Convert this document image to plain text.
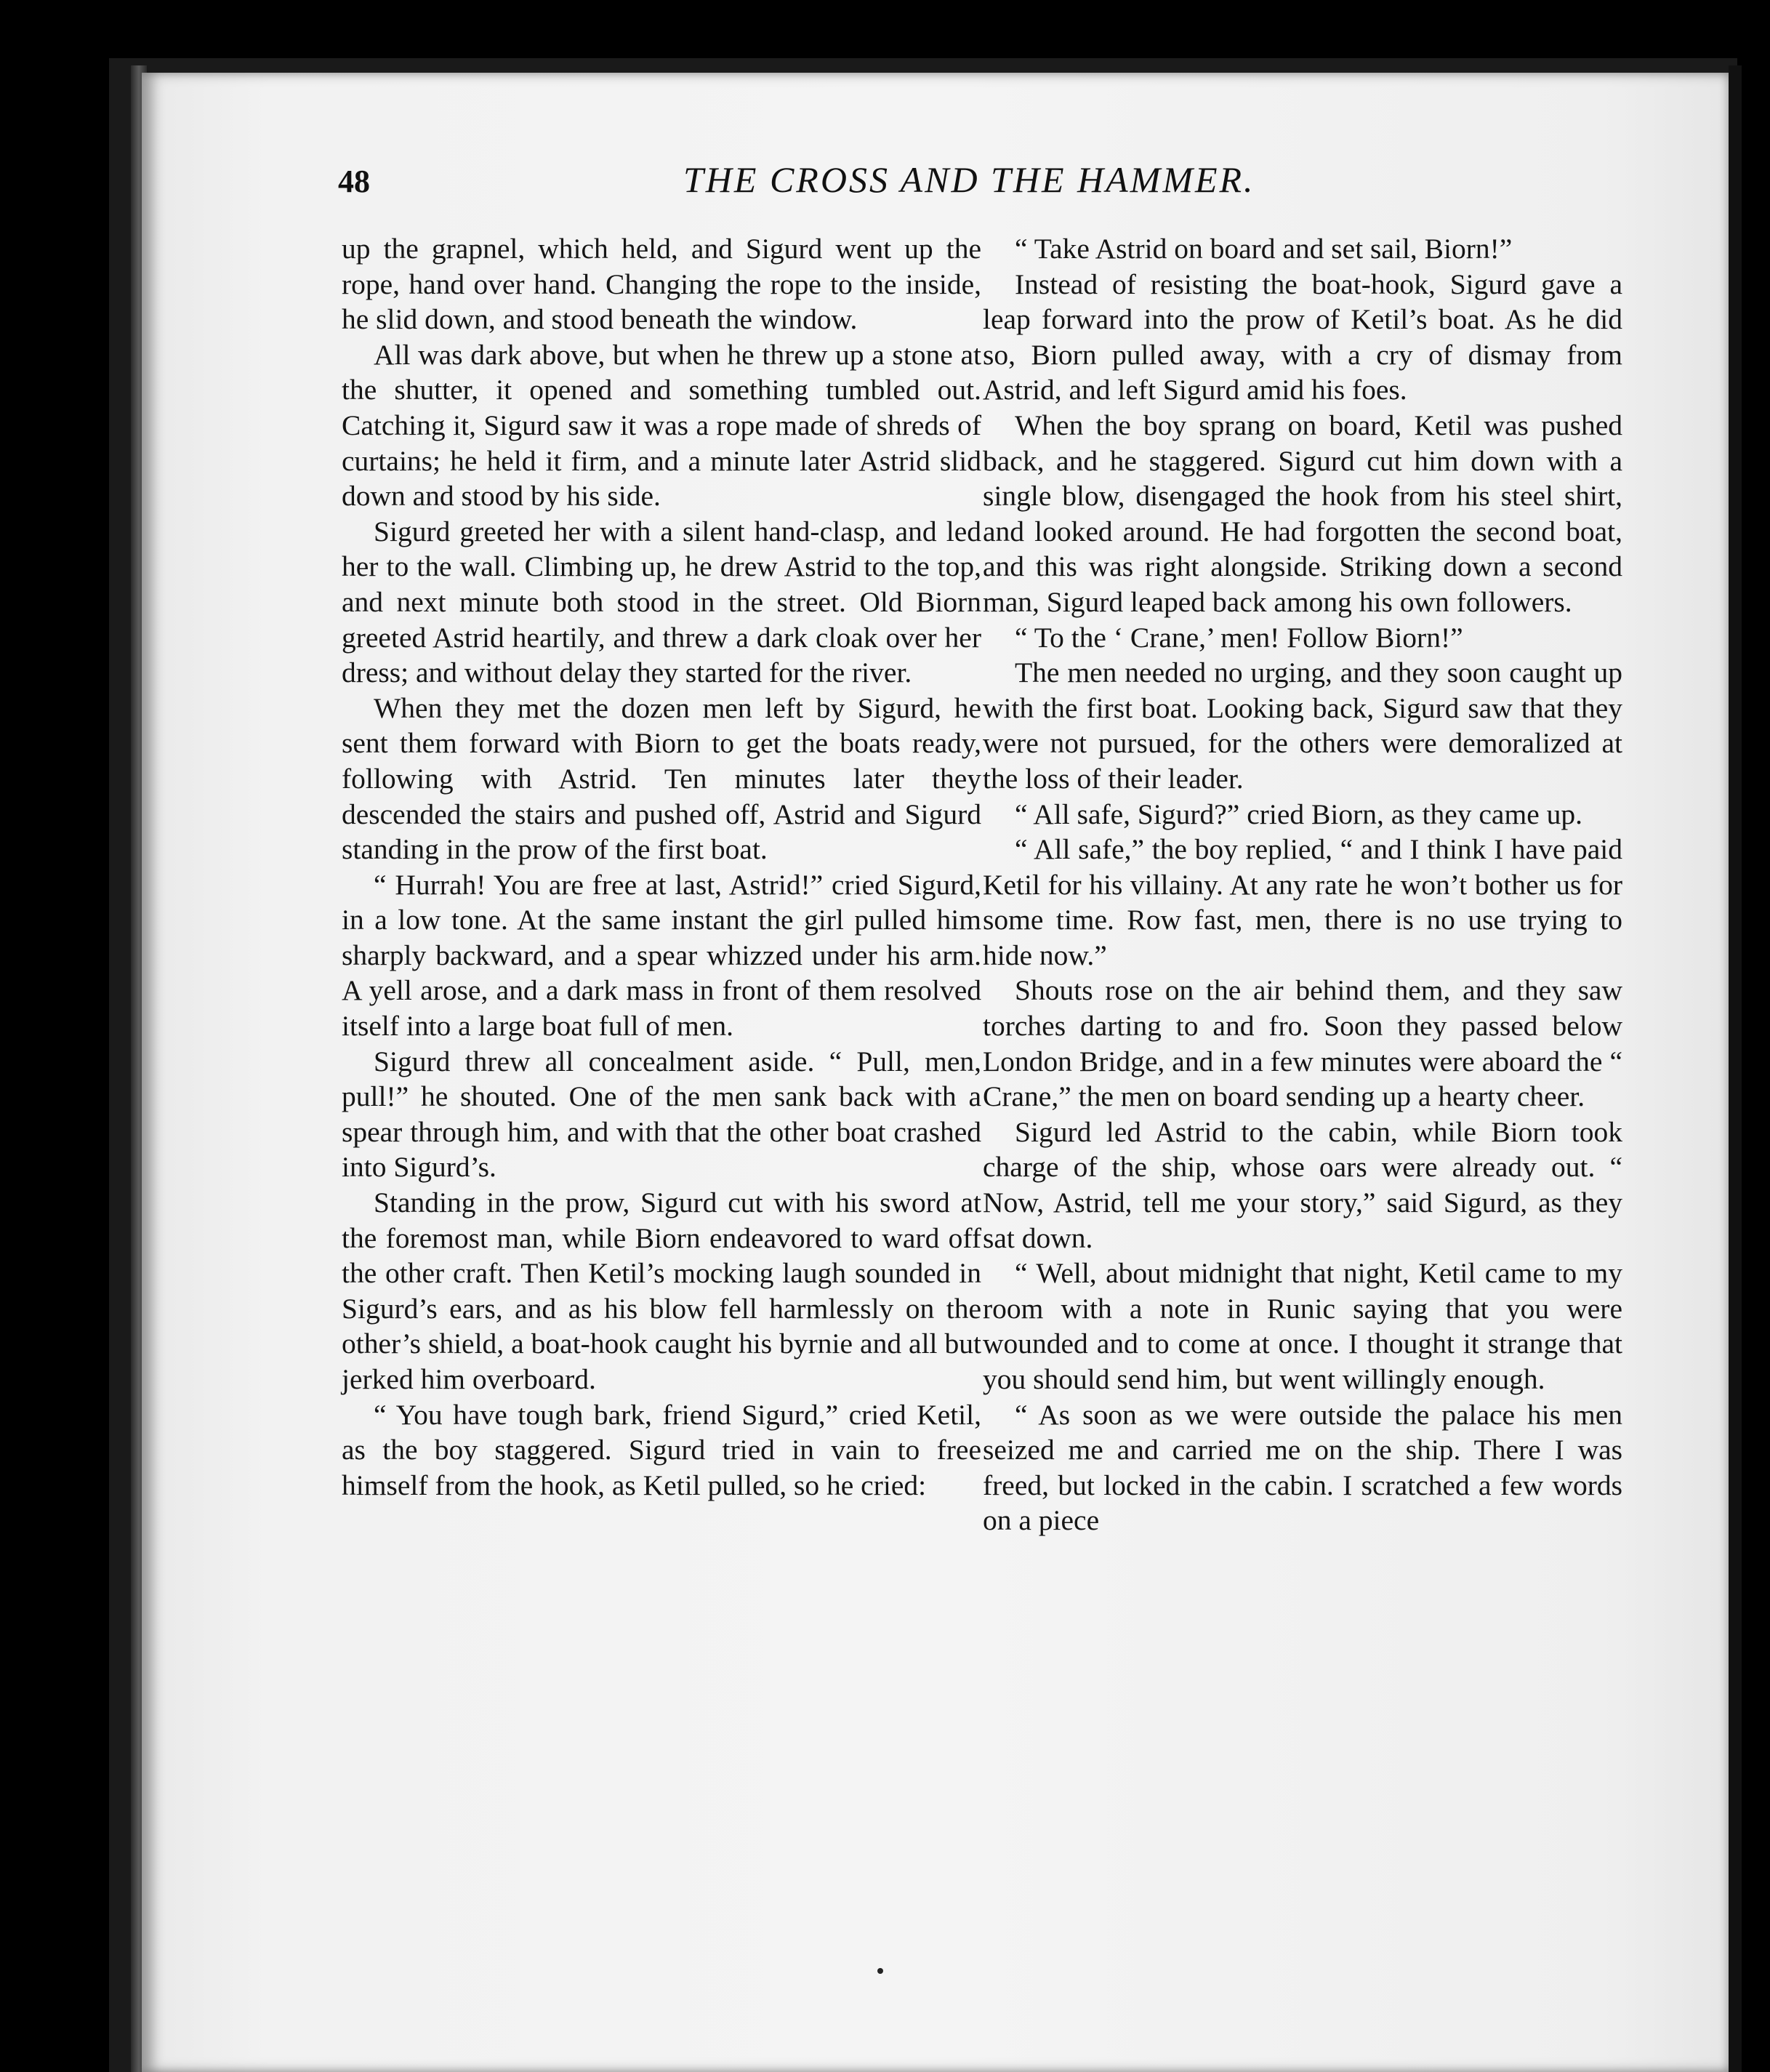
48	THE CROSS AND THE HAMMER.

up the grapnel, which held, and Sigurd went up the rope, hand over hand. Changing the rope to the inside, he slid down, and stood beneath the window.

All was dark above, but when he threw up a stone at the shutter, it opened and something tumbled out. Catching it, Sigurd saw it was a rope made of shreds of curtains; he held it firm, and a minute later Astrid slid down and stood by his side.

Sigurd greeted her with a silent hand-clasp, and led her to the wall. Climbing up, he drew Astrid to the top, and next minute both stood in the street. Old Biorn greeted Astrid heartily, and threw a dark cloak over her dress; and without delay they started for the river.

When they met the dozen men left by Sigurd, he sent them forward with Biorn to get the boats ready, following with Astrid. Ten minutes later they descended the stairs and pushed off, Astrid and Sigurd standing in the prow of the first boat.

“ Hurrah! You are free at last, Astrid!” cried Sigurd, in a low tone. At the same instant the girl pulled him sharply backward, and a spear whizzed under his arm. A yell arose, and a dark mass in front of them resolved itself into a large boat full of men.

Sigurd threw all concealment aside. “ Pull, men, pull!” he shouted. One of the men sank back with a spear through him, and with that the other boat crashed into Sigurd’s.

Standing in the prow, Sigurd cut with his sword at the foremost man, while Biorn endeavored to ward off the other craft. Then Ketil’s mocking laugh sounded in Sigurd’s ears, and as his blow fell harmlessly on the other’s shield, a boat-hook caught his byrnie and all but jerked him overboard.

“ You have tough bark, friend Sigurd,” cried Ketil, as the boy staggered. Sigurd tried in vain to free himself from the hook, as Ketil pulled, so he cried:

“ Take Astrid on board and set sail, Biorn!”

Instead of resisting the boat-hook, Sigurd gave a leap forward into the prow of Ketil’s boat. As he did so, Biorn pulled away, with a cry of dismay from Astrid, and left Sigurd amid his foes.

When the boy sprang on board, Ketil was pushed back, and he staggered. Sigurd cut him down with a single blow, disengaged the hook from his steel shirt, and looked around. He had forgotten the second boat, and this was right alongside. Striking down a second man, Sigurd leaped back among his own followers.

“ To the ‘ Crane,’ men! Follow Biorn!”

The men needed no urging, and they soon caught up with the first boat. Looking back, Sigurd saw that they were not pursued, for the others were demoralized at the loss of their leader.

“ All safe, Sigurd?” cried Biorn, as they came up.

“ All safe,” the boy replied, “ and I think I have paid Ketil for his villainy. At any rate he won’t bother us for some time. Row fast, men, there is no use trying to hide now.”

Shouts rose on the air behind them, and they saw torches darting to and fro. Soon they passed below London Bridge, and in a few minutes were aboard the “ Crane,” the men on board sending up a hearty cheer.

Sigurd led Astrid to the cabin, while Biorn took charge of the ship, whose oars were already out. “ Now, Astrid, tell me your story,” said Sigurd, as they sat down.

“ Well, about midnight that night, Ketil came to my room with a note in Runic saying that you were wounded and to come at once. I thought it strange that you should send him, but went willingly enough.

“ As soon as we were outside the palace his men seized me and carried me on the ship. There I was freed, but locked in the cabin. I scratched a few words on a piece
